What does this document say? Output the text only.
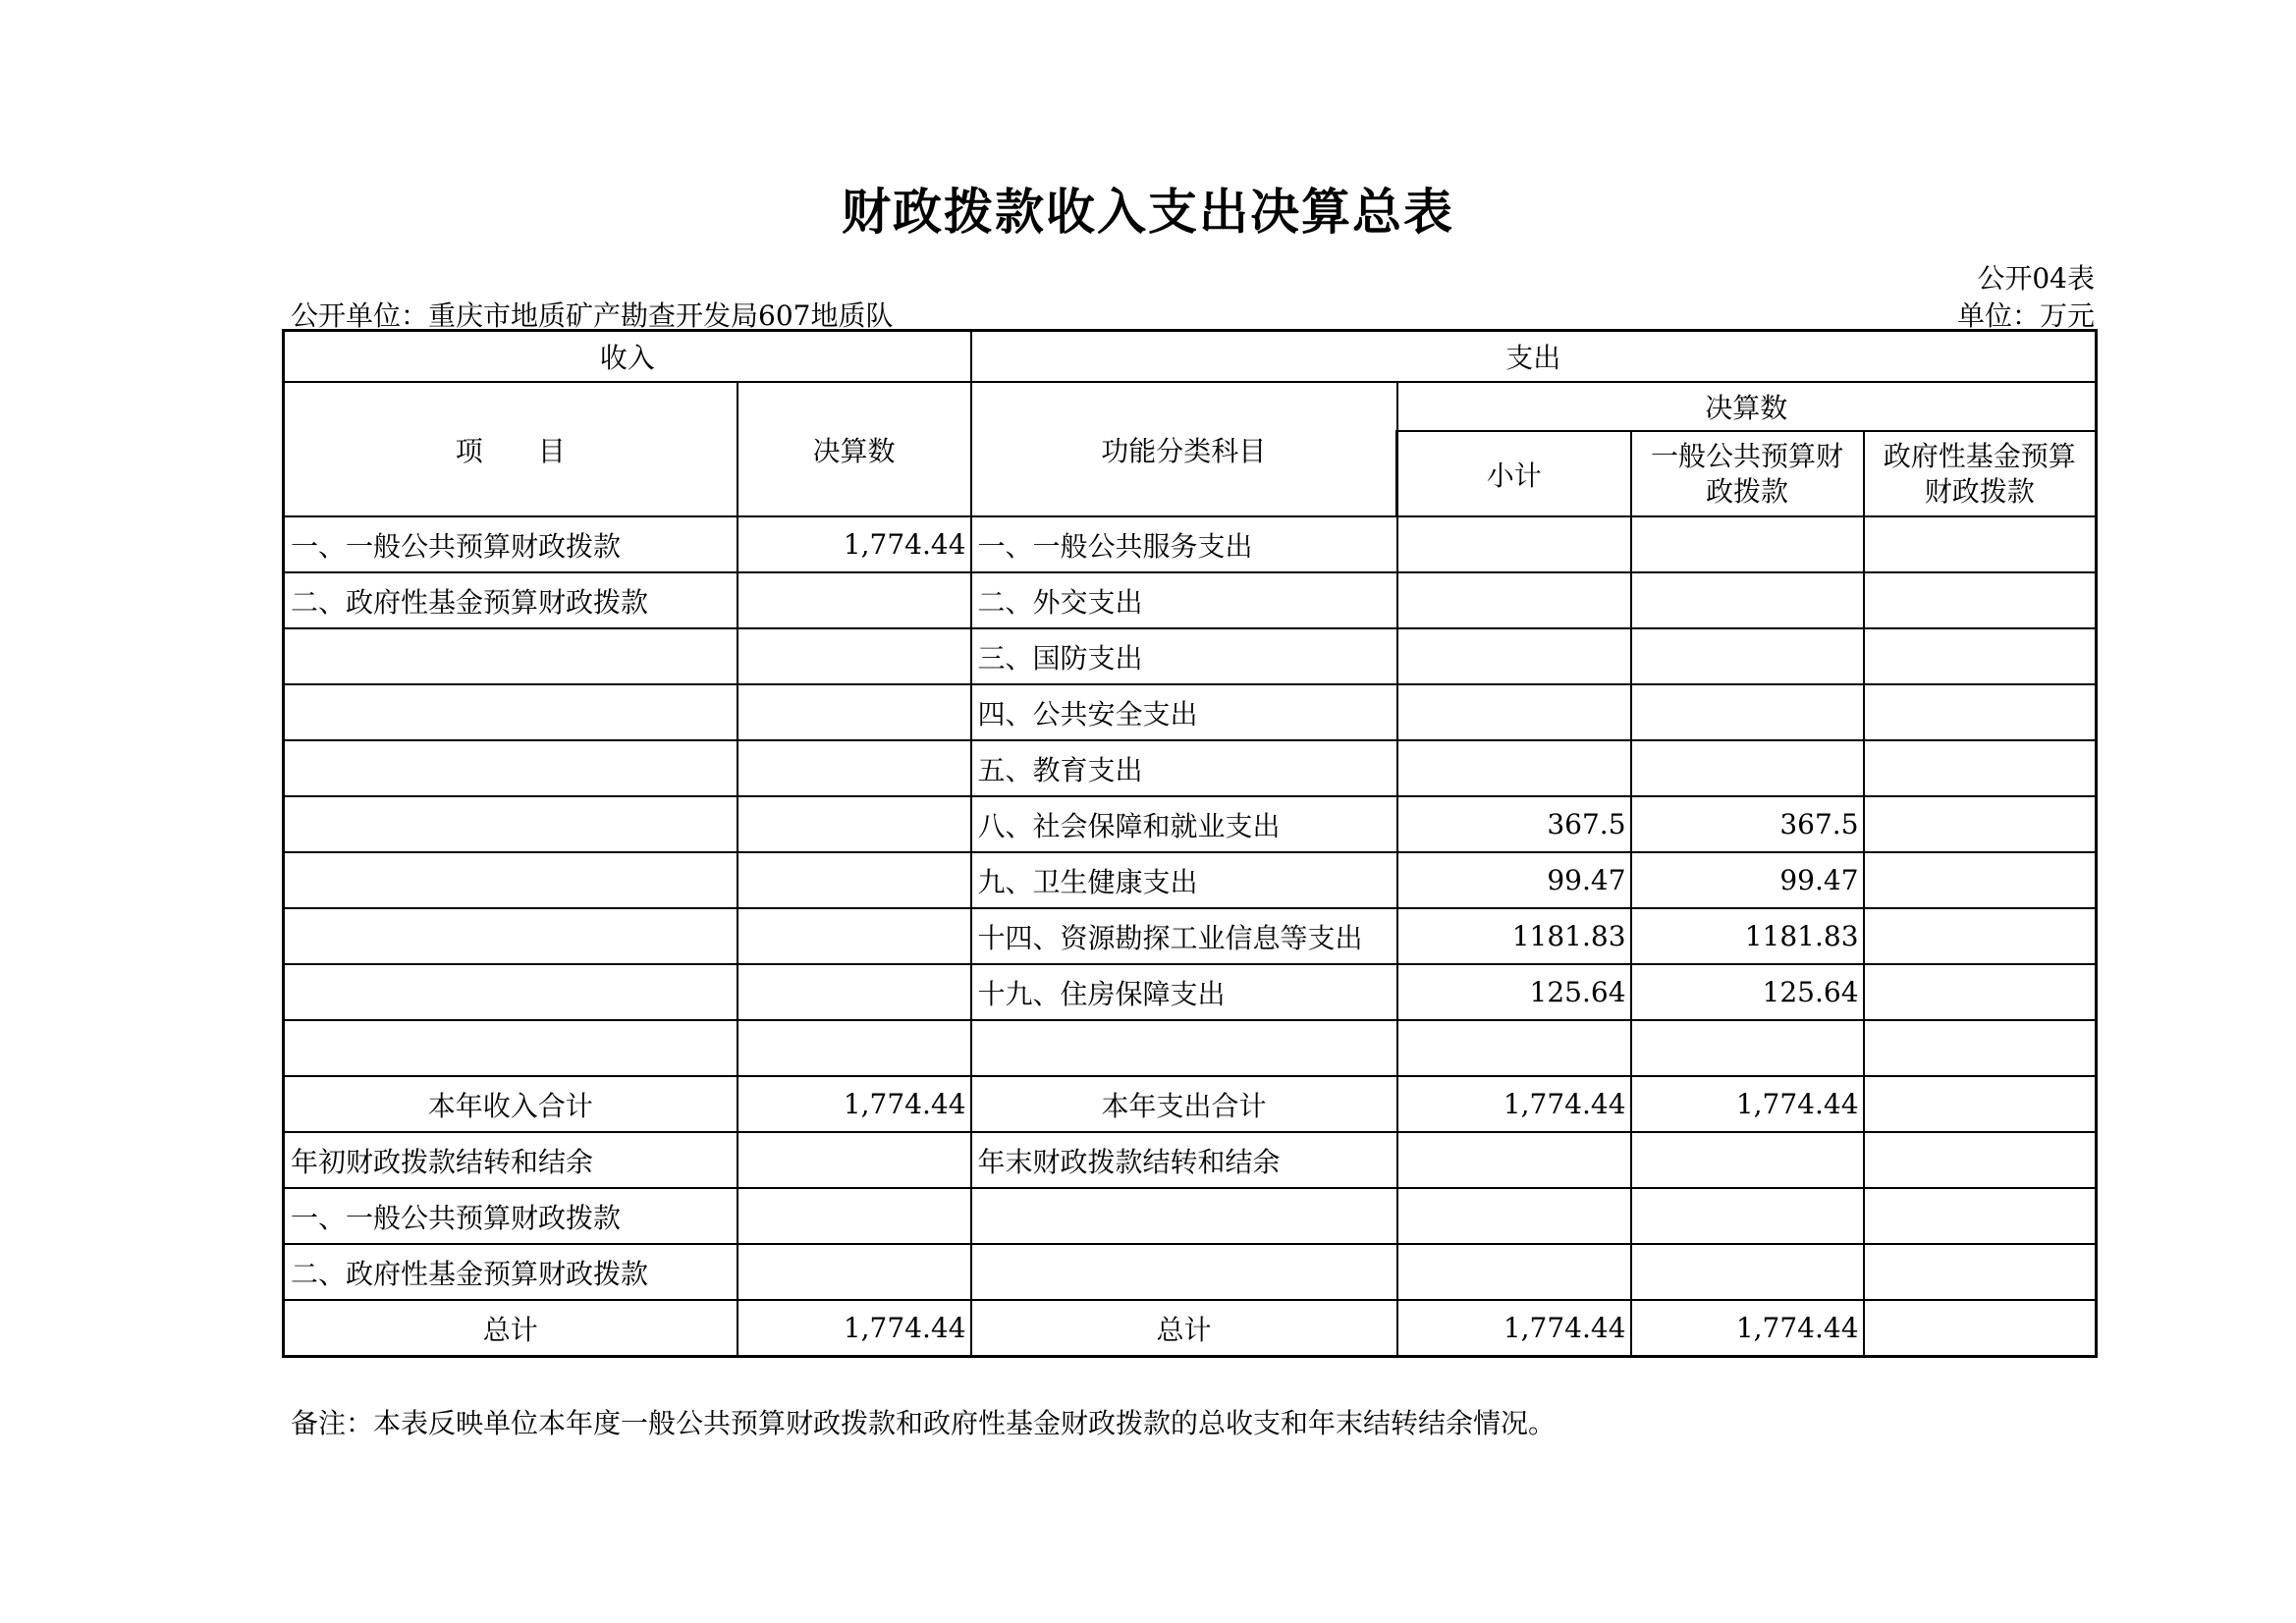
财政拨款收入支出决算总表
公开04表
公开单位：重庆市地质矿产勘查开发局607地质队	单位：万元
收入		支出			
项　　目	决算数	功能分类科目	决算数		
			小计	一般公共预算财政拨款	政府性基金预算财政拨款
一、一般公共预算财政拨款	1,774.44	一、一般公共服务支出			
二、政府性基金预算财政拨款		二、外交支出			
		三、国防支出			
		四、公共安全支出			
		五、教育支出			
		八、社会保障和就业支出	367.5	367.5	
		九、卫生健康支出	99.47	99.47	
		十四、资源勘探工业信息等支出	1181.83	1181.83	
		十九、住房保障支出	125.64	125.64	

本年收入合计	1,774.44	本年支出合计	1,774.44	1,774.44	
年初财政拨款结转和结余		年末财政拨款结转和结余			
一、一般公共预算财政拨款					
二、政府性基金预算财政拨款					
总计	1,774.44	总计	1,774.44	1,774.44	
备注：本表反映单位本年度一般公共预算财政拨款和政府性基金财政拨款的总收支和年末结转结余情况。
